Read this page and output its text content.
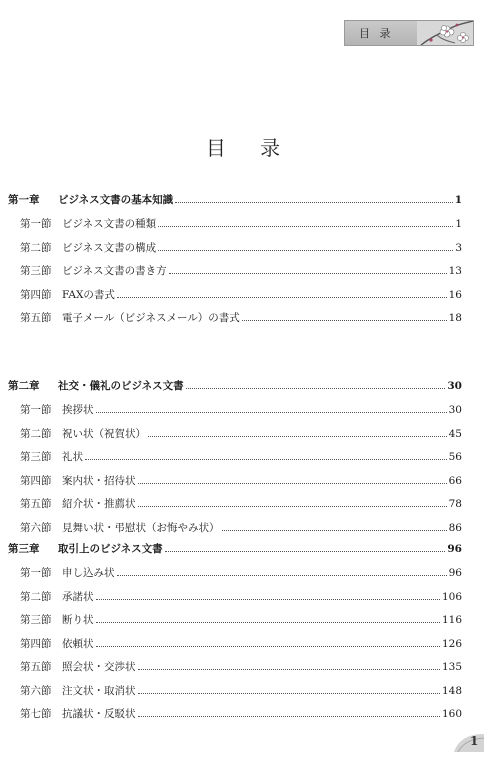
目 录
目 录
第一章 ビジネス文書の基本知識	1
第一節 ビジネス文書の種類	1
第二節 ビジネス文書の構成	3
第三節 ビジネス文書の書き方	13
第四節 FAXの書式	16
第五節 電子メール（ビジネスメール）の書式	18
第二章 社交・儀礼のビジネス文書	30
第一節 挨拶状	30
第二節 祝い状（祝賀状）	45
第三節 礼状	56
第四節 案内状・招待状	66
第五節 紹介状・推薦状	78
第六節 見舞い状・弔慰状（お悔やみ状）	86
第三章 取引上のビジネス文書	96
第一節 申し込み状	96
第二節 承諾状	106
第三節 断り状	116
第四節 依頼状	126
第五節 照会状・交渉状	135
第六節 注文状・取消状	148
第七節 抗議状・反駁状	160
1
